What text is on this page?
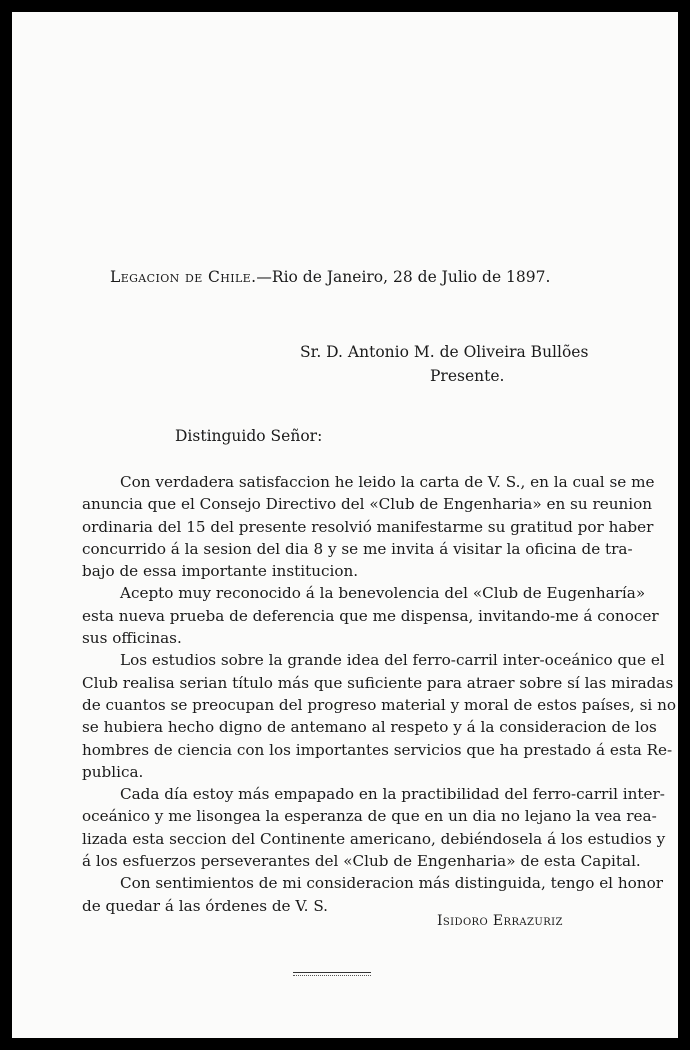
Legacion de Chile.—Rio de Janeiro, 28 de Julio de 1897.
Sr. D. Antonio M. de Oliveira Bullões
Presente.
Distinguido Señor:

Con verdadera satisfaccion he leido la carta de V. S., en la cual se me
anuncia que el Consejo Directivo del «Club de Engenharia» en su reunion
ordinaria del 15 del presente resolvió manifestarme su gratitud por haber
concurrido á la sesion del dia 8 y se me invita á visitar la oficina de tra-
bajo de essa importante institucion.

Acepto muy reconocido á la benevolencia del «Club de Eugenharía»
esta nueva prueba de deferencia que me dispensa, invitando-me á conocer
sus officinas.

Los estudios sobre la grande idea del ferro-carril inter-oceánico que el
Club realisa serian título más que suficiente para atraer sobre sí las miradas
de cuantos se preocupan del progreso material y moral de estos países, si no
se hubiera hecho digno de antemano al respeto y á la consideracion de los
hombres de ciencia con los importantes servicios que ha prestado á esta Re-
publica.

Cada día estoy más empapado en la practibilidad del ferro-carril inter-
oceánico y me lisongea la esperanza de que en un dia no lejano la vea rea-
lizada esta seccion del Continente americano, debiéndosela á los estudios y
á los esfuerzos perseverantes del «Club de Engenharia» de esta Capital.

Con sentimientos de mi consideracion más distinguida, tengo el honor
de quedar á las órdenes de V. S.

Isidoro Errazuriz
